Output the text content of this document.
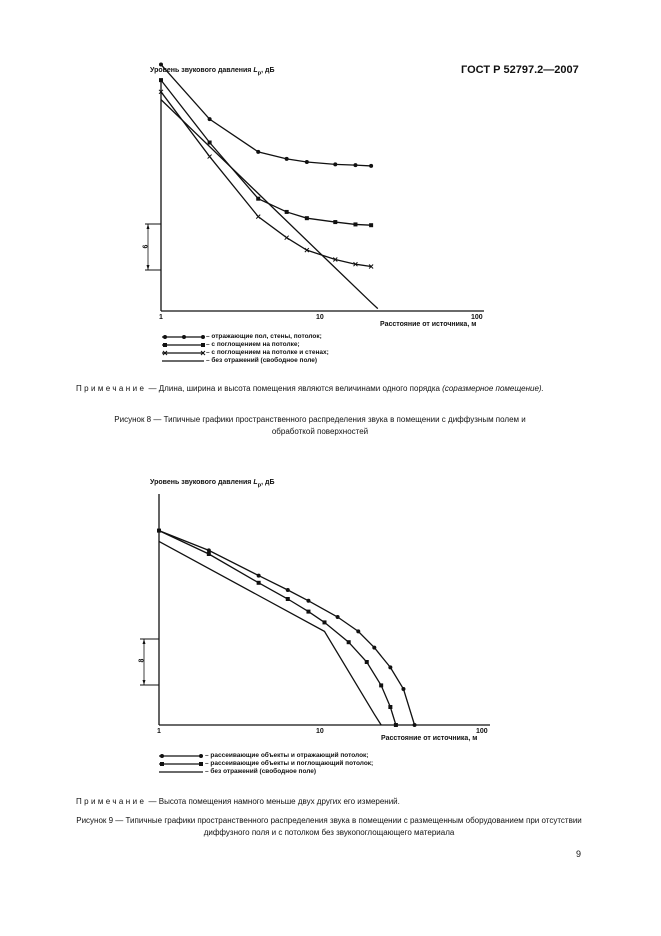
ГОСТ Р 52797.2—2007
Уровень звукового давления $L_p$, дБ
6
1	10	100
Расстояние от источника, м
– отражающие пол, стены, потолок;
– с поглощением на потолке;
– с поглощением на потолке и стенах;
– без отражений (свободное поле)
Примечание — Длина, ширина и высота помещения являются величинами одного порядка (соразмерное помещение).
Рисунок 8 — Типичные графики пространственного распределения звука в помещении с диффузным полем и обработкой поверхностей
Уровень звукового давления $L_p$, дБ
8
1	10	100
Расстояние от источника, м
– рассеивающие объекты и отражающий потолок;
– рассеивающие объекты и поглощающий потолок;
– без отражений (свободное поле)
Примечание — Высота помещения намного меньше двух других его измерений.
Рисунок 9 — Типичные графики пространственного распределения звука в помещении с размещенным оборудованием при отсутствии диффузного поля и с потолком без звукопоглощающего материала
9
